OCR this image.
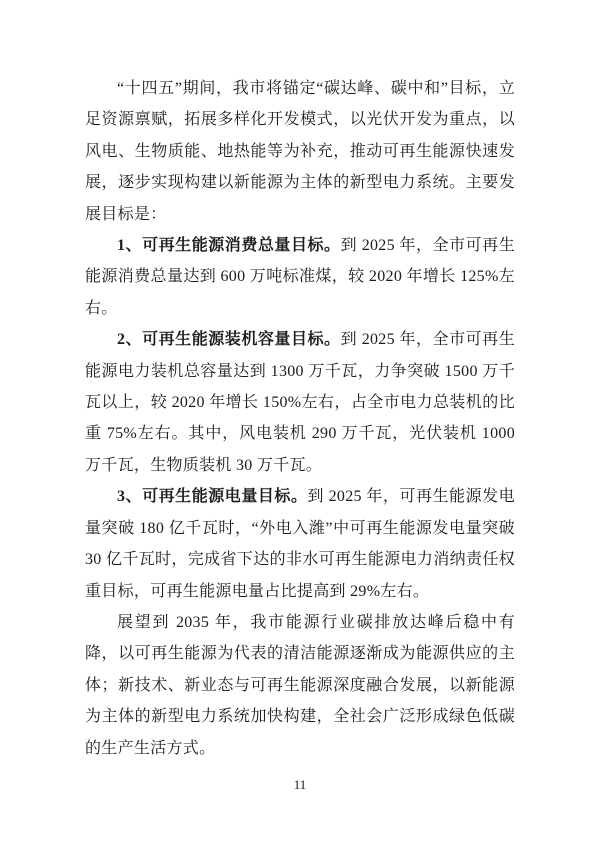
“十四五”期间，我市将锚定“碳达峰、碳中和”目标，立足资源禀赋，拓展多样化开发模式，以光伏开发为重点，以风电、生物质能、地热能等为补充，推动可再生能源快速发展，逐步实现构建以新能源为主体的新型电力系统。主要发展目标是：

1、可再生能源消费总量目标。到 2025 年，全市可再生能源消费总量达到 600 万吨标准煤，较 2020 年增长 125%左右。

2、可再生能源装机容量目标。到 2025 年，全市可再生能源电力装机总容量达到 1300 万千瓦，力争突破 1500 万千瓦以上，较 2020 年增长 150%左右，占全市电力总装机的比重 75%左右。其中，风电装机 290 万千瓦，光伏装机 1000 万千瓦，生物质装机 30 万千瓦。

3、可再生能源电量目标。到 2025 年，可再生能源发电量突破 180 亿千瓦时，“外电入潍”中可再生能源发电量突破 30 亿千瓦时，完成省下达的非水可再生能源电力消纳责任权重目标，可再生能源电量占比提高到 29%左右。

展望到 2035 年，我市能源行业碳排放达峰后稳中有降，以可再生能源为代表的清洁能源逐渐成为能源供应的主体；新技术、新业态与可再生能源深度融合发展，以新能源为主体的新型电力系统加快构建，全社会广泛形成绿色低碳的生产生活方式。

11
